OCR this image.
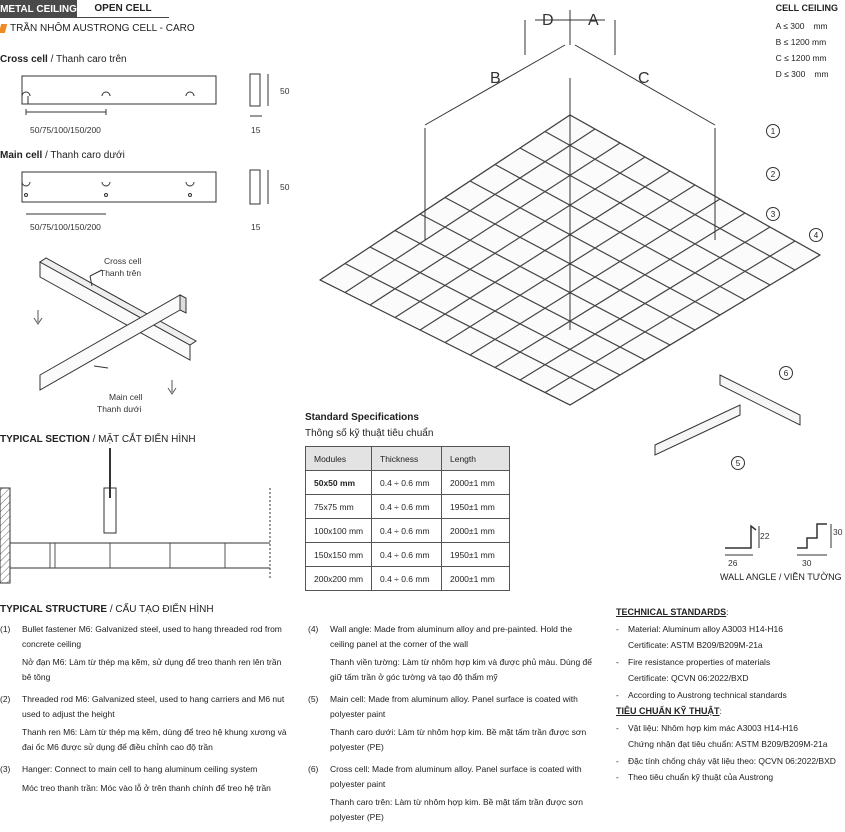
METAL CEILING	OPEN CELL
TRẦN NHÔM AUSTRONG CELL - CARO
Cross cell / Thanh caro trên
50/75/100/150/200
50
15
Main cell / Thanh caro dưới
50/75/100/150/200
50
15
Cross cell
Thanh trên
Main cell
Thanh dưới
TYPICAL SECTION / MẶT CẮT ĐIỂN HÌNH
D A
B	C
1
2
3
4
5
6
CELL CEILING
A ≤ 300 mm
B ≤ 1200 mm
C ≤ 1200 mm
D ≤ 300 mm
Standard Specifications
Thông số kỹ thuật tiêu chuẩn
Modules	Thickness	Length
50x50 mm	0.4 ÷ 0.6 mm	2000±1 mm
75x75 mm	0.4 ÷ 0.6 mm	1950±1 mm
100x100 mm	0.4 ÷ 0.6 mm	2000±1 mm
150x150 mm	0.4 ÷ 0.6 mm	1950±1 mm
200x200 mm	0.4 ÷ 0.6 mm	2000±1 mm
26
22
30
30
WALL ANGLE / VIỀN TƯỜNG
TYPICAL STRUCTURE / CẤU TẠO ĐIỂN HÌNH
(1)	Bullet fastener M6: Galvanized steel, used to hang threaded rod from concrete ceiling

Nở đạn M6: Làm từ thép mạ kẽm, sử dụng để treo thanh ren lên trần bê tông

(2)	Threaded rod M6: Galvanized steel, used to hang carriers and M6 nut used to adjust the height

Thanh ren M6: Làm từ thép mạ kẽm, dùng để treo hệ khung xương và đai ốc M6 được sử dụng để điều chỉnh cao độ trần

(3)	Hanger: Connect to main cell to hang aluminum ceiling system

Móc treo thanh trần: Móc vào lỗ ở trên thanh chính để treo hệ trần

(4)	Wall angle: Made from aluminum alloy and pre-painted. Hold the ceiling panel at the corner of the wall

Thanh viền tường: Làm từ nhôm hợp kim và được phủ màu. Dùng để giữ tấm trần ở góc tường và tạo độ thẩm mỹ

(5)	Main cell: Made from aluminum alloy. Panel surface is coated with polyester paint

Thanh caro dưới: Làm từ nhôm hợp kim. Bề mặt tấm trần được sơn polyester (PE)

(6)	Cross cell: Made from aluminum alloy. Panel surface is coated with polyester paint

Thanh caro trên: Làm từ nhôm hợp kim. Bề mặt tấm trần được sơn polyester (PE)

TECHNICAL STANDARDS:
-	Material: Aluminum alloy A3003 H14-H16
Certificate: ASTM B209/B209M-21a
-	Fire resistance properties of materials
Certificate: QCVN 06:2022/BXD
-	According to Austrong technical standards
TIÊU CHUẨN KỸ THUẬT:
-	Vật liệu: Nhôm hợp kim mác A3003 H14-H16
Chứng nhận đạt tiêu chuẩn: ASTM B209/B209M-21a
-	Đặc tính chống cháy vật liệu theo: QCVN 06:2022/BXD
-	Theo tiêu chuẩn kỹ thuật của Austrong
